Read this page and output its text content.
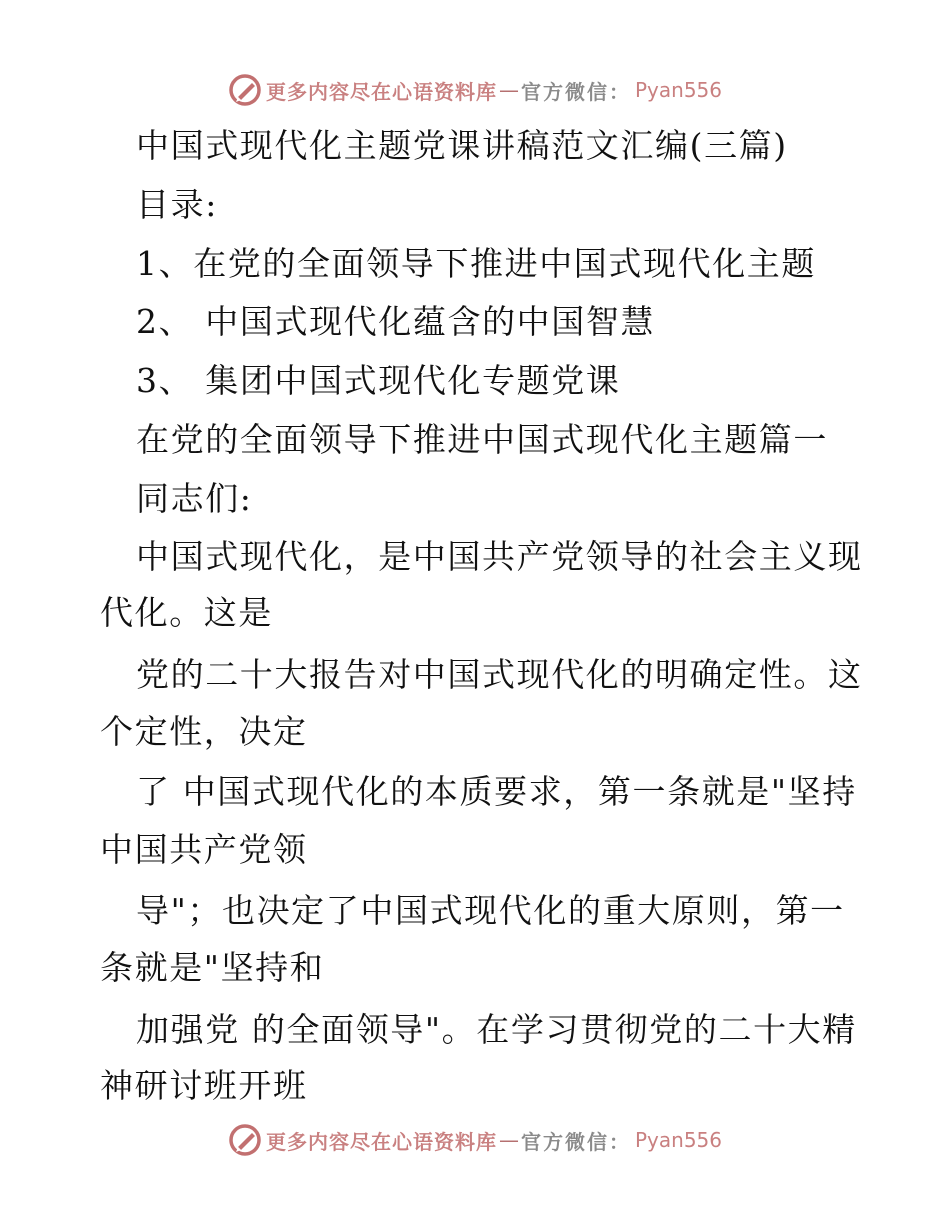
更多内容尽在心语资料库 — 官方微信： Pyan556
中国式现代化主题党课讲稿范文汇编(三篇)
目录:
1、在党的全面领导下推进中国式现代化主题
2、 中国式现代化蕴含的中国智慧
3、 集团中国式现代化专题党课
在党的全面领导下推进中国式现代化主题篇一
同志们:
中国式现代化，是中国共产党领导的社会主义现
代化。这是
党的二十大报告对中国式现代化的明确定性。这
个定性，决定
了 中国式现代化的本质要求，第一条就是"坚持
中国共产党领
导"；也决定了中国式现代化的重大原则，第一
条就是"坚持和
加强党 的全面领导"。在学习贯彻党的二十大精
神研讨班开班
更多内容尽在心语资料库 — 官方微信： Pyan556
